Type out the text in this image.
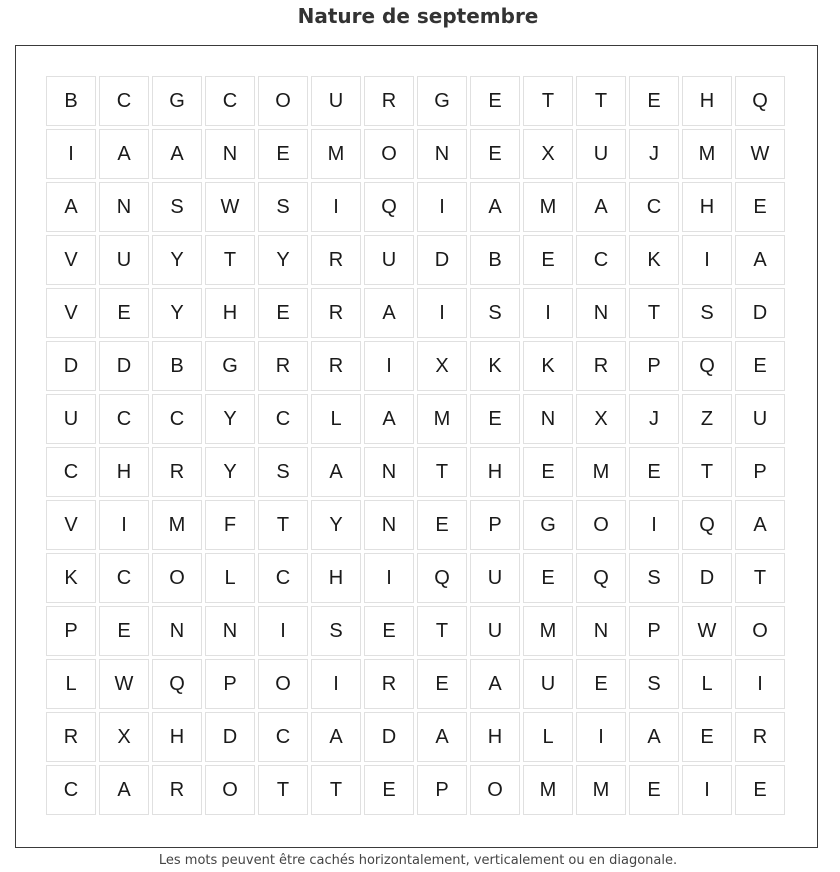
Nature de septembre
B	C	G	C	O	U	R	G	E	T	T	E	H	Q
I	A	A	N	E	M	O	N	E	X	U	J	M	W
A	N	S	W	S	I	Q	I	A	M	A	C	H	E
V	U	Y	T	Y	R	U	D	B	E	C	K	I	A
V	E	Y	H	E	R	A	I	S	I	N	T	S	D
D	D	B	G	R	R	I	X	K	K	R	P	Q	E
U	C	C	Y	C	L	A	M	E	N	X	J	Z	U
C	H	R	Y	S	A	N	T	H	E	M	E	T	P
V	I	M	F	T	Y	N	E	P	G	O	I	Q	A
K	C	O	L	C	H	I	Q	U	E	Q	S	D	T
P	E	N	N	I	S	E	T	U	M	N	P	W	O
L	W	Q	P	O	I	R	E	A	U	E	S	L	I
R	X	H	D	C	A	D	A	H	L	I	A	E	R
C	A	R	O	T	T	E	P	O	M	M	E	I	E
Les mots peuvent être cachés horizontalement, verticalement ou en diagonale.
